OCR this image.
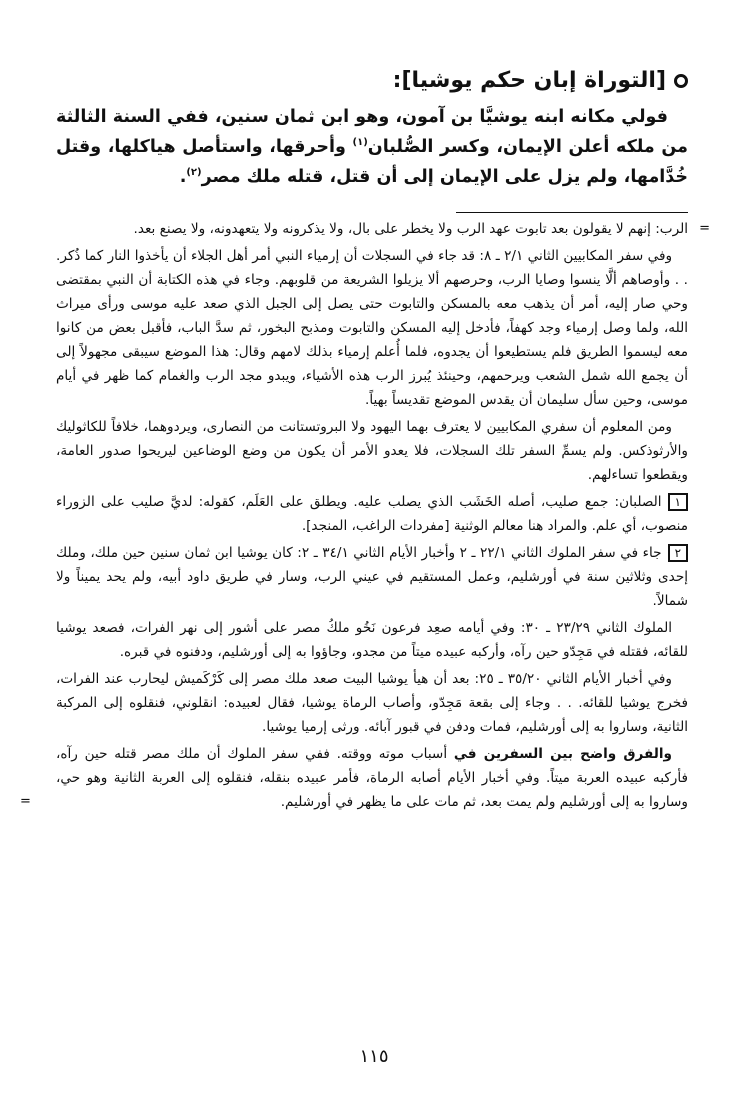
[التوراة إبان حكم يوشيا]:

فولي مكانه ابنه يوشيَّا بن آمون، وهو ابن ثمان سنين، ففي السنة الثالثة من ملكه أعلن الإيمان، وكسر الصُّلبان$^{(١)}$ وأحرقها، واستأصل هياكلها، وقتل خُدَّامها، ولم يزل على الإيمان إلى أن قتل، قتله ملك مصر$^{(٢)}$.

= الرب: إنهم لا يقولون بعد تابوت عهد الرب ولا يخطر على بال، ولا يذكرونه ولا يتعهدونه، ولا يصنع بعد.

وفي سفر المكابيين الثاني ٢/١ ـ ٨: قد جاء في السجلات أن إرمياء النبي أمر أهل الجلاء أن يأخذوا النار كما ذُكر. . . وأوصاهم ألَّا ينسوا وصايا الرب، وحرصهم ألا يزيلوا الشريعة من قلوبهم. وجاء في هذه الكتابة أن النبي بمقتضى وحي صار إليه، أمر أن يذهب معه بالمسكن والتابوت حتى يصل إلى الجبل الذي صعد عليه موسى ورأى ميراث الله، ولما وصل إرمياء وجد كهفاً، فأدخل إليه المسكن والتابوت ومذبح البخور، ثم سدَّ الباب، فأقبل بعض من كانوا معه ليسموا الطريق فلم يستطيعوا أن يجدوه، فلما أُعلم إرمياء بذلك لامهم وقال: هذا الموضع سيبقى مجهولاً إلى أن يجمع الله شمل الشعب ويرحمهم، وحينئذ يُبرز الرب هذه الأشياء، ويبدو مجد الرب والغمام كما ظهر في أيام موسى، وحين سأل سليمان أن يقدس الموضع تقديساً بهياً.

ومن المعلوم أن سفري المكابيين لا يعترف بهما اليهود ولا البروتستانت من النصارى، ويردوهما، خلافاً للكاثوليك والأرثوذكس. ولم يسمِّ السفر تلك السجلات، فلا يعدو الأمر أن يكون من وضع الوضاعين ليريحوا صدور العامة، ويقطعوا تساءلهم.

١الصلبان: جمع صليب، أصله الخَشَب الذي يصلب عليه. ويطلق على العَلَم، كقوله: لديَّ صليب على الزوراء منصوب، أي علم. والمراد هنا معالم الوثنية [مفردات الراغب، المنجد].

٢جاء في سفر الملوك الثاني ٢٢/١ ـ ٢ وأخبار الأيام الثاني ٣٤/١ ـ ٢: كان يوشيا ابن ثمان سنين حين ملك، وملك إحدى وثلاثين سنة في أورشليم، وعمل المستقيم في عيني الرب، وسار في طريق داود أبيه، ولم يحد يميناً ولا شمالاً.

الملوك الثاني ٢٣/٢٩ ـ ٣٠: وفي أيامه صعِد فرعون نَخُو ملكُ مصر على أشور إلى نهر الفرات، فصعد يوشيا للقائه، فقتله في مَجِدّو حين رآه، وأركبه عبيده ميتاً من مجدو، وجاؤوا به إلى أورشليم، ودفنوه في قبره.

وفي أخبار الأيام الثاني ٣٥/٢٠ ـ ٢٥: بعد أن هيأ يوشيا البيت صعد ملك مصر إلى كَرْكَميش ليحارب عند الفرات، فخرج يوشيا للقائه. . . وجاء إلى بقعة مَجِدّو، وأصاب الرماة يوشيا، فقال لعبيده: انقلوني، فنقلوه إلى المركبة الثانية، وساروا به إلى أورشليم، فمات ودفن في قبور آبائه. ورثى إرميا يوشيا.

والفرق واضح بين السفرين في أسباب موته ووقته. ففي سفر الملوك أن ملك مصر قتله حين رآه، فأركبه عبيده العربة ميتاً. وفي أخبار الأيام أصابه الرماة، فأمر عبيده بنقله، فنقلوه إلى العربة الثانية وهو حي، وساروا به إلى أورشليم ولم يمت بعد، ثم مات على ما يظهر في أورشليم. =

١١٥
